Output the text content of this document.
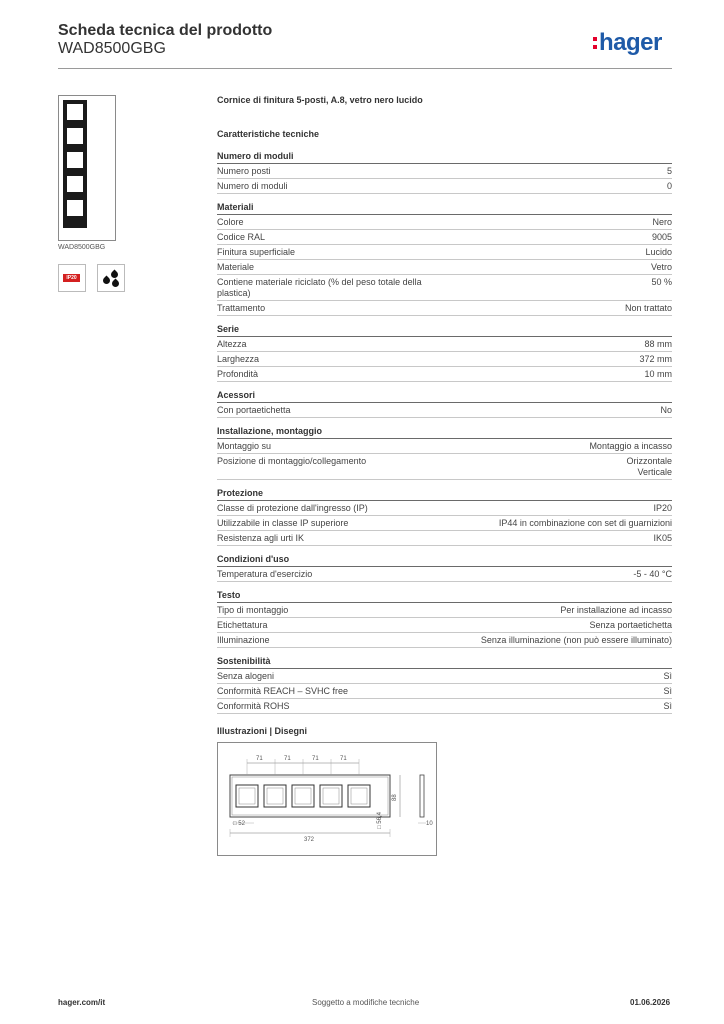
Scheda tecnica del prodotto
WAD8500GBG	hager
WAD8500GBG
IP20
Cornice di finitura 5-posti, A.8, vetro nero lucido
Caratteristiche tecniche
Numero di moduli
Numero posti	5
Numero di moduli	0
Materiali
Colore	Nero
Codice RAL	9005
Finitura superficiale	Lucido
Materiale	Vetro
Contiene materiale riciclato (% del peso totale della plastica)
50 %
Trattamento	Non trattato
Serie
Altezza	88 mm
Larghezza	372 mm
Profondità	10 mm
Acessori
Con portaetichetta	No
Installazione, montaggio
Montaggio su	Montaggio a incasso
Posizione di montaggio/collegamento	Orizzontale
Verticale
Protezione
Classe di protezione dall'ingresso (IP)	IP20
Utilizzabile in classe IP superiore	IP44 in combinazione con set di guarnizioni
Resistenza agli urti IK	IK05
Condizioni d'uso
Temperatura d'esercizio	-5 - 40 °C
Testo
Tipo di montaggio	Per installazione ad incasso
Etichettatura	Senza portaetichetta
Illuminazione	Senza illuminazione (non può essere illuminato)
Sostenibilità
Senza alogeni	Sì
Conformità REACH – SVHC free	Sì
Conformità ROHS	Sì
Illustrazioni | Disegni
71	71	71	71
88
372
□ 52	□ 56,4	10
hager.com/it	Soggetto a modifiche tecniche	01.06.2026
